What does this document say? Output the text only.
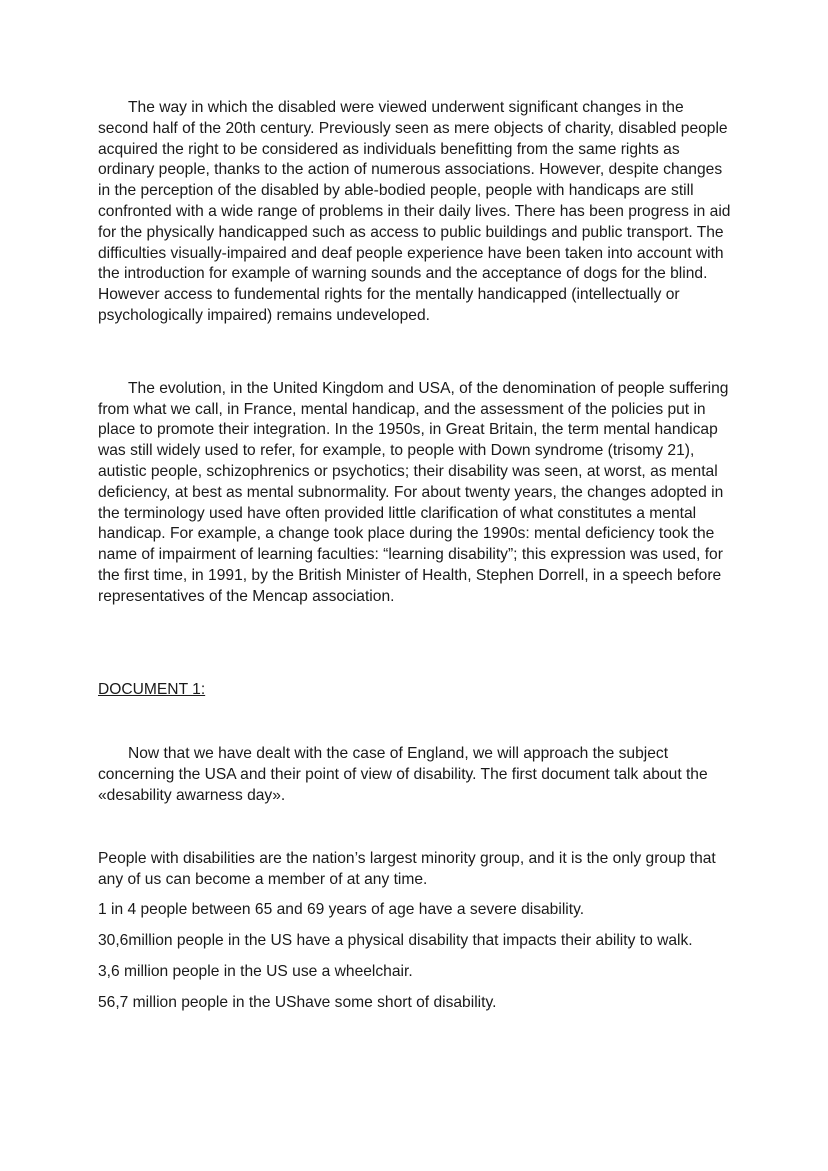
The way in which the disabled were viewed underwent significant changes in the second half of the 20th century. Previously seen as mere objects of charity, disabled people acquired the right to be considered as individuals benefitting from the same rights as ordinary people, thanks to the action of numerous associations. However, despite changes in the perception of the disabled by able-bodied people, people with handicaps are still confronted with a wide range of problems in their daily lives. There has been progress in aid for the physically handicapped such as access to public buildings and public transport. The difficulties visually-impaired and deaf people experience have been taken into account with the introduction for example of warning sounds and the acceptance of dogs for the blind. However access to fundemental rights for the mentally handicapped (intellectually or psychologically impaired) remains undeveloped.

The evolution, in the United Kingdom and USA, of the denomination of people suffering from what we call, in France, mental handicap, and the assessment of the policies put in place to promote their integration. In the 1950s, in Great Britain, the term mental handicap was still widely used to refer, for example, to people with Down syndrome (trisomy 21), autistic people, schizophrenics or psychotics; their disability was seen, at worst, as mental deficiency, at best as mental subnormality. For about twenty years, the changes adopted in the terminology used have often provided little clarification of what constitutes a mental handicap. For example, a change took place during the 1990s: mental deficiency took the name of impairment of learning faculties: “learning disability”; this expression was used, for the first time, in 1991, by the British Minister of Health, Stephen Dorrell, in a speech before representatives of the Mencap association.

DOCUMENT 1:

Now that we have dealt with the case of England, we will approach the subject concerning the USA and their point of view of disability. The first document talk about the «desability awarness day».

People with disabilities are the nation’s largest minority group, and it is the only group that any of us can become a member of at any time.

1 in 4 people between 65 and 69 years of age have a severe disability.

30,6million people in the US have a physical disability that impacts their ability to walk.

3,6 million people in the US use a wheelchair.

56,7 million people in the UShave some short of disability.
